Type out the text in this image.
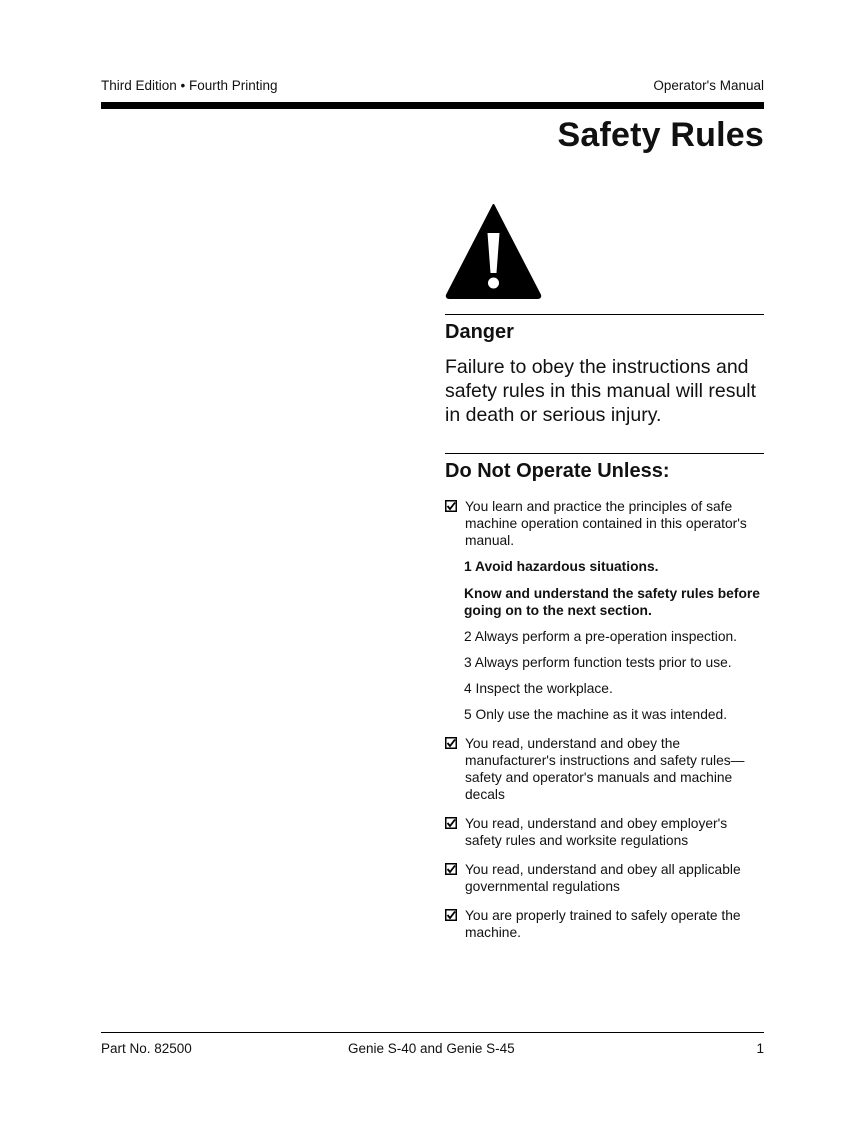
Third Edition • Fourth Printing	Operator's Manual
Safety Rules
Danger
Failure to obey the instructions and safety rules in this manual will result in death or serious injury.
Do Not Operate Unless:
You learn and practice the principles of safe
machine operation contained in this operator's manual.
1 Avoid hazardous situations.
Know and understand the safety rules before going on to the next section.
2 Always perform a pre-operation inspection.
3 Always perform function tests prior to use.
4 Inspect the workplace.
5 Only use the machine as it was intended.
You read, understand and obey the
manufacturer's instructions and safety rules— safety and operator's manuals and machine decals
You read, understand and obey employer's
safety rules and worksite regulations
You read, understand and obey all applicable
governmental regulations
You are properly trained to safely operate the
machine.
Part No. 82500	Genie S-40 and Genie S-45	1
